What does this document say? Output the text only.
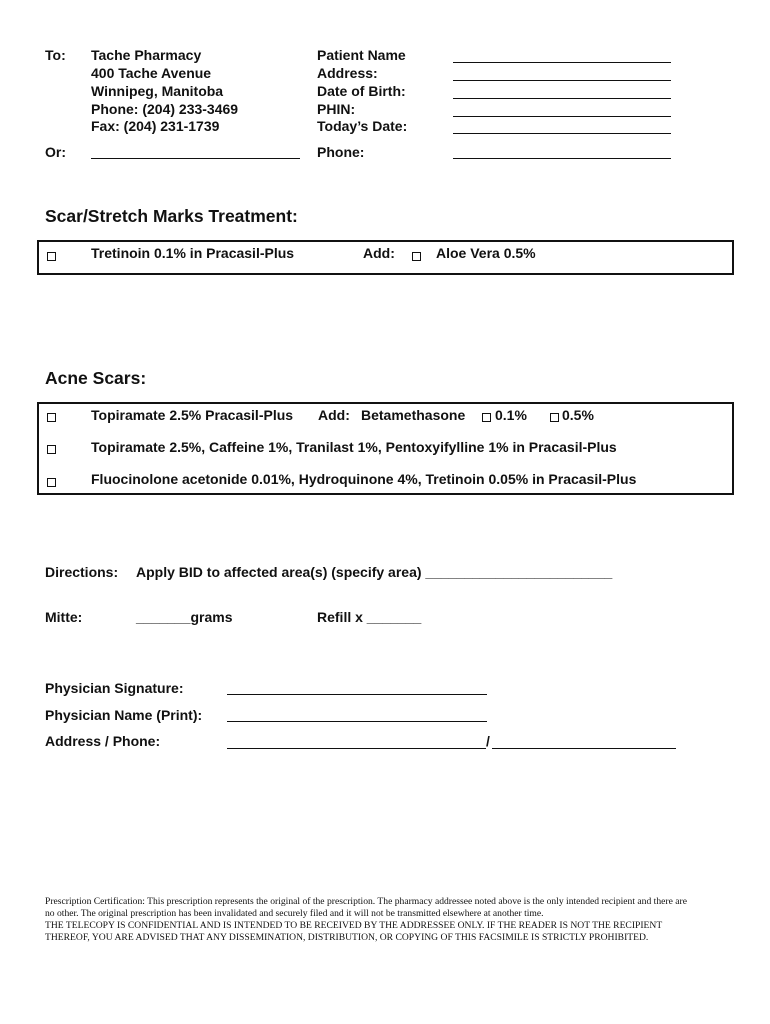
To: Tache Pharmacy
400 Tache Avenue
Winnipeg, Manitoba
Phone: (204) 233-3469
Fax: (204) 231-1739
Or:
Patient Name
Address:
Date of Birth:
PHIN:
Today’s Date:
Phone:
Scar/Stretch Marks Treatment:
Tretinoin 0.1% in Pracasil-Plus	Add:	Aloe Vera 0.5%
Acne Scars:
Topiramate 2.5% Pracasil-Plus Add: Betamethasone 0.1%	0.5%
Topiramate 2.5%, Caffeine 1%, Tranilast 1%, Pentoxyifylline 1% in Pracasil-Plus
Fluocinolone acetonide 0.01%, Hydroquinone 4%, Tretinoin 0.05% in Pracasil-Plus
Directions: Apply BID to affected area(s) (specify area) ________________________
Mitte:	_______grams	Refill x _______
Physician Signature:
Physician Name (Print):
Address / Phone:	/
Prescription Certification: This prescription represents the original of the prescription. The pharmacy addressee noted above is the only intended recipient and there are
no other. The original prescription has been invalidated and securely filed and it will not be transmitted elsewhere at another time.
THE TELECOPY IS CONFIDENTIAL AND IS INTENDED TO BE RECEIVED BY THE ADDRESSEE ONLY. IF THE READER IS NOT THE RECIPIENT
THEREOF, YOU ARE ADVISED THAT ANY DISSEMINATION, DISTRIBUTION, OR COPYING OF THIS FACSIMILE IS STRICTLY PROHIBITED.
